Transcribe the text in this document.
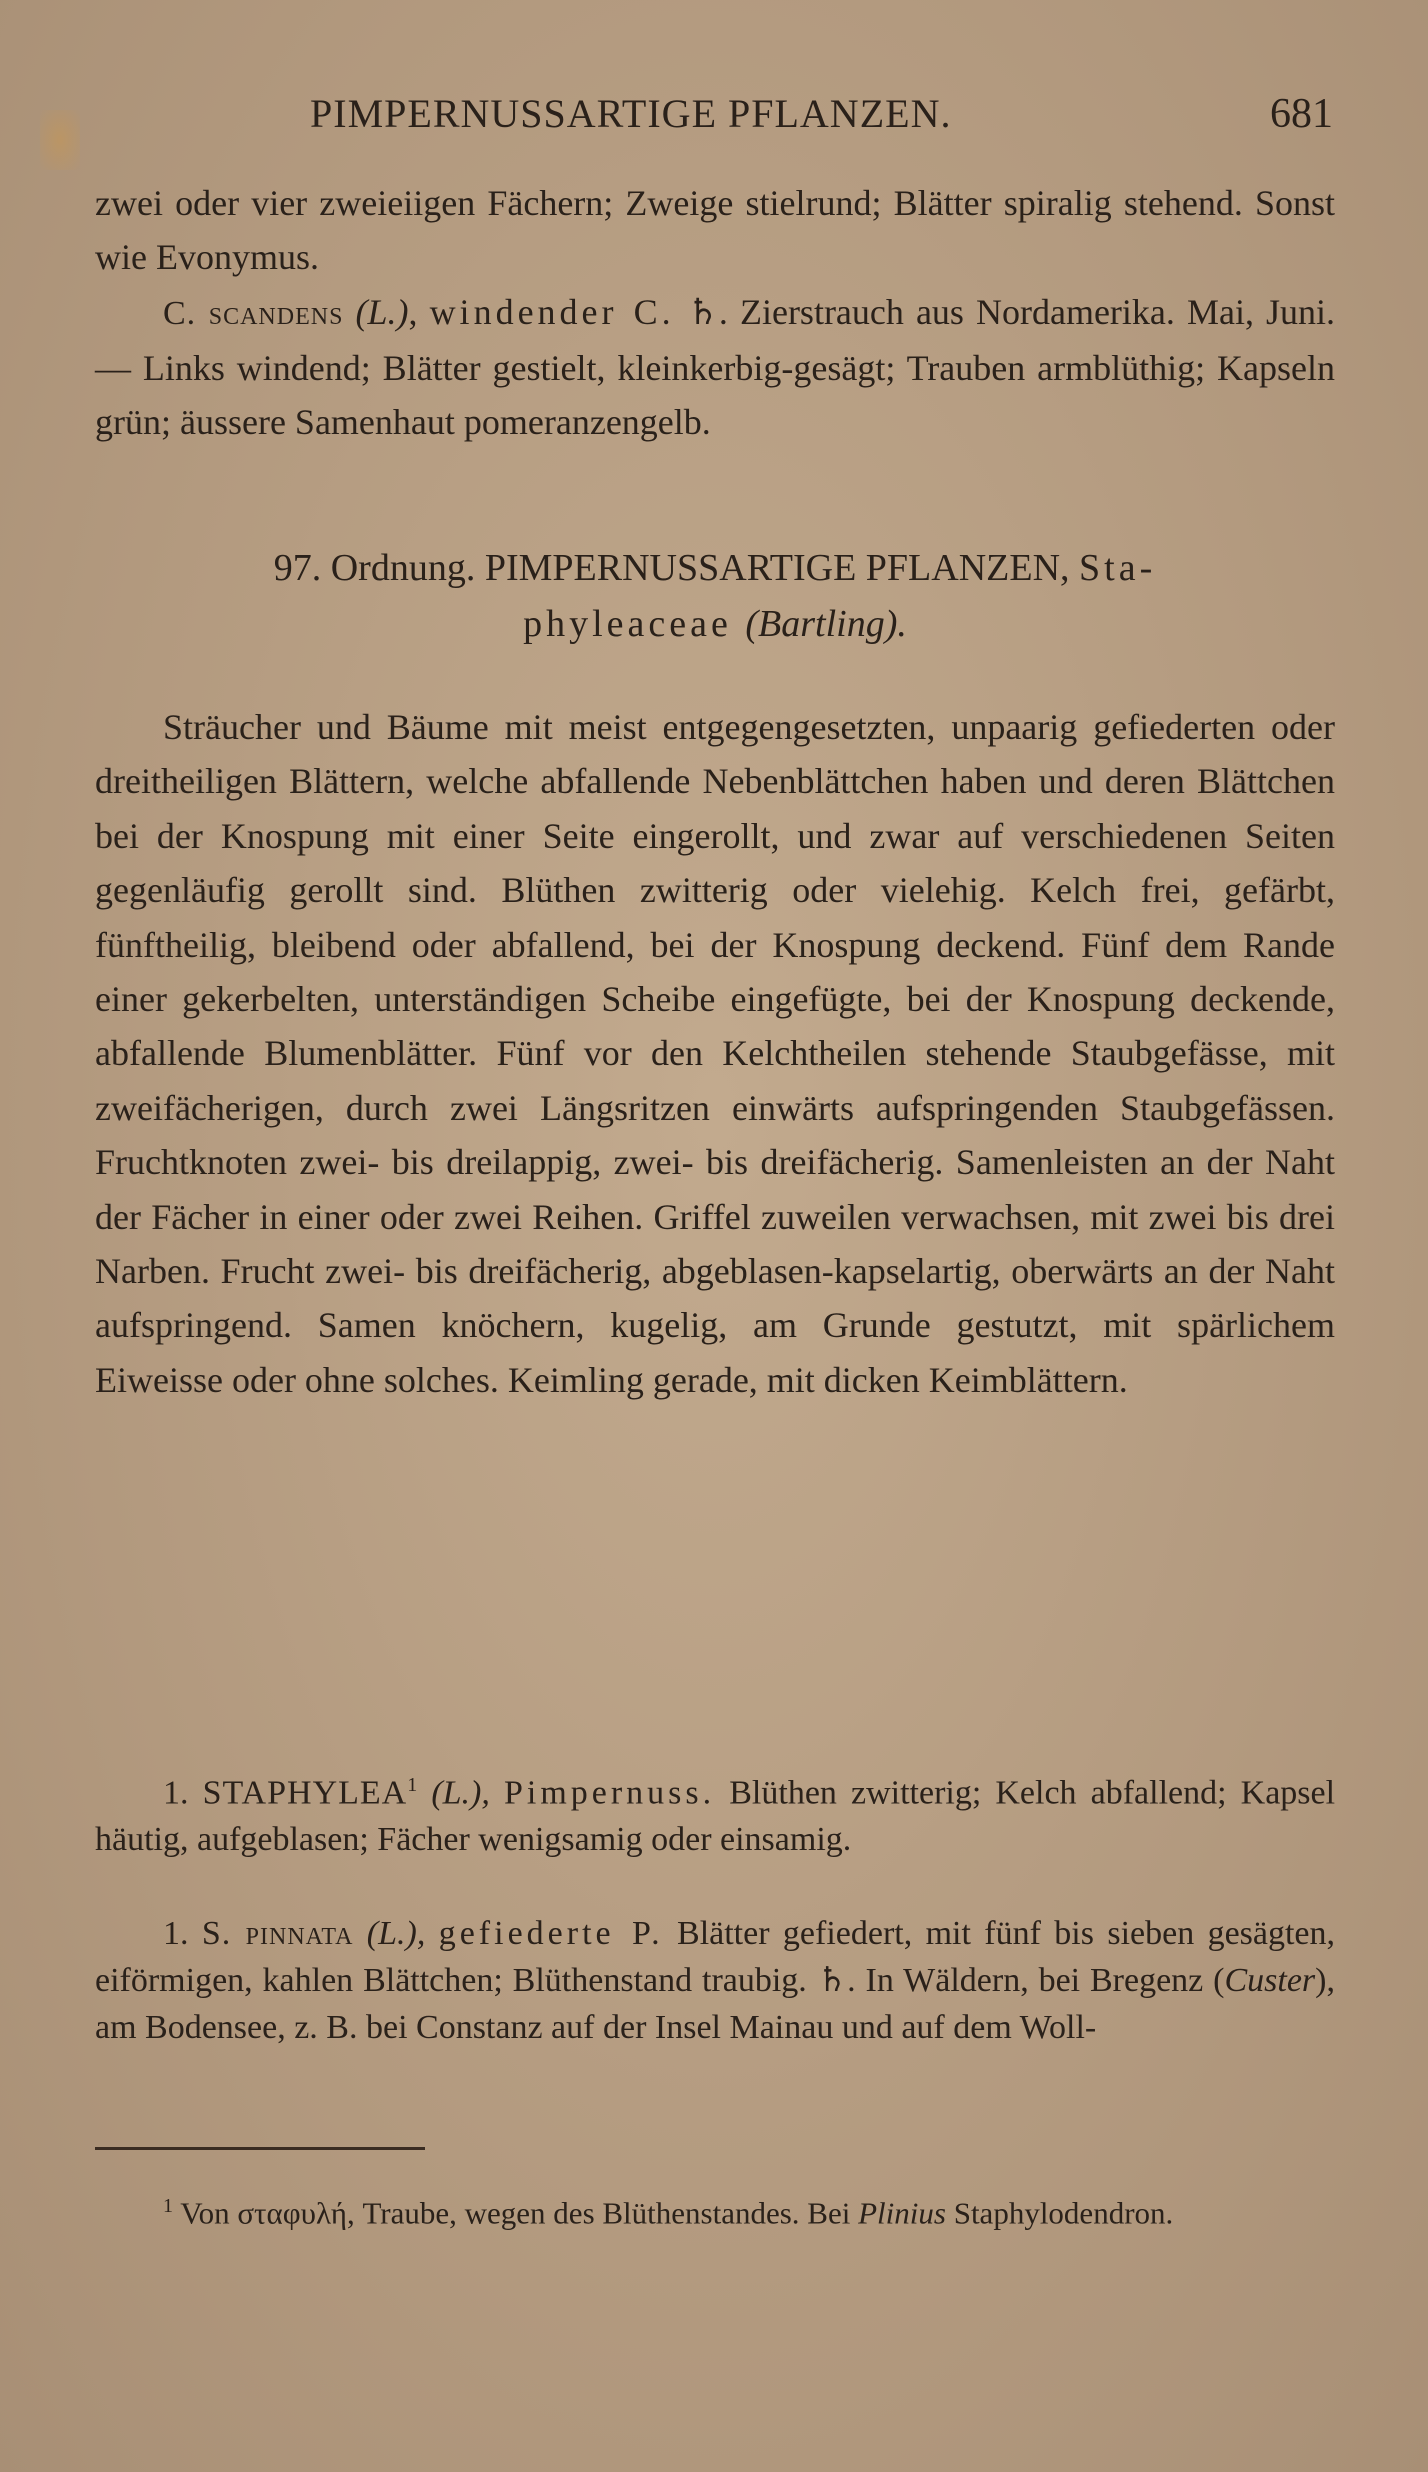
PIMPERNUSSARTIGE PFLANZEN.	681

zwei oder vier zweieiigen Fächern; Zweige stielrund; Blätter spiralig stehend. Sonst wie Evonymus.

C. scandens (L.), windender C. ♄. Zierstrauch aus Nordamerika. Mai, Juni. — Links windend; Blätter gestielt, kleinkerbig-gesägt; Trauben armblüthig; Kapseln grün; äussere Samenhaut pomeranzengelb.

97. Ordnung. PIMPERNUSSARTIGE PFLANZEN, Sta-
phyleaceae (Bartling).

Sträucher und Bäume mit meist entgegengesetzten, unpaarig gefiederten oder dreitheiligen Blättern, welche abfallende Nebenblättchen haben und deren Blättchen bei der Knospung mit einer Seite eingerollt, und zwar auf verschiedenen Seiten gegenläufig gerollt sind. Blüthen zwitterig oder vielehig. Kelch frei, gefärbt, fünftheilig, bleibend oder abfallend, bei der Knospung deckend. Fünf dem Rande einer gekerbelten, unterständigen Scheibe eingefügte, bei der Knospung deckende, abfallende Blumenblätter. Fünf vor den Kelchtheilen stehende Staubgefässe, mit zweifächerigen, durch zwei Längsritzen einwärts aufspringenden Staubgefässen. Fruchtknoten zwei- bis dreilappig, zwei- bis dreifächerig. Samenleisten an der Naht der Fächer in einer oder zwei Reihen. Griffel zuweilen verwachsen, mit zwei bis drei Narben. Frucht zwei- bis dreifächerig, abgeblasen-kapselartig, oberwärts an der Naht aufspringend. Samen knöchern, kugelig, am Grunde gestutzt, mit spärlichem Eiweisse oder ohne solches. Keimling gerade, mit dicken Keimblättern.

1. STAPHYLEA$^1$ (L.), Pimpernuss. Blüthen zwitterig; Kelch abfallend; Kapsel häutig, aufgeblasen; Fächer wenigsamig oder einsamig.

1. S. pinnata (L.), gefiederte P. Blätter gefiedert, mit fünf bis sieben gesägten, eiförmigen, kahlen Blättchen; Blüthenstand traubig. ♄. In Wäldern, bei Bregenz (Custer), am Bodensee, z. B. bei Constanz auf der Insel Mainau und auf dem Woll-

$^1$ Von σταφυλή, Traube, wegen des Blüthenstandes. Bei Plinius Staphylodendron.
